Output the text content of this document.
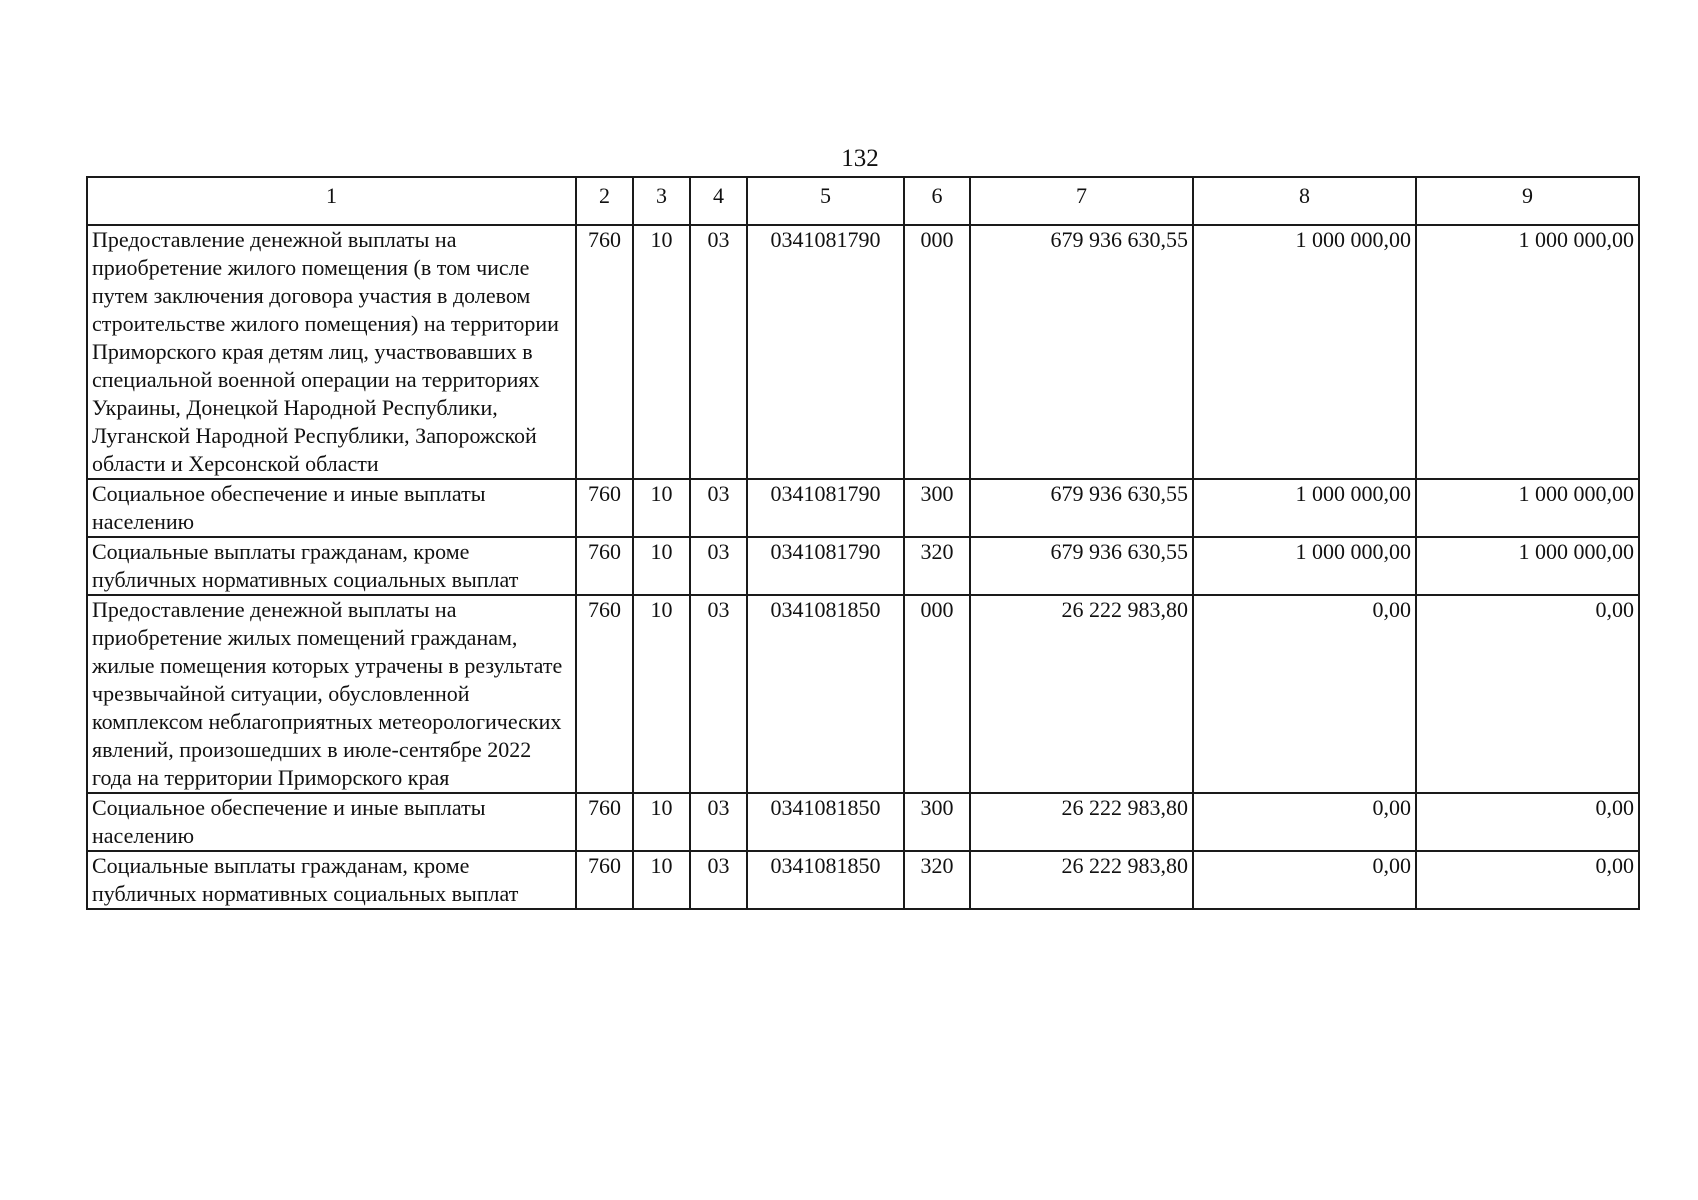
132
1	2	3	4	5	6	7	8	9
Предоставление денежной выплаты на приобретение жилого помещения (в том числе путем заключения договора участия в долевом строительстве жилого помещения) на территории Приморского края детям лиц, участвовавших в специальной военной операции на территориях Украины, Донецкой Народной Республики, Луганской Народной Республики, Запорожской области и Херсонской области	760	10	03	0341081790	000	679 936 630,55	1 000 000,00	1 000 000,00
Социальное обеспечение и иные выплаты населению	760	10	03	0341081790	300	679 936 630,55	1 000 000,00	1 000 000,00
Социальные выплаты гражданам, кроме публичных нормативных социальных выплат	760	10	03	0341081790	320	679 936 630,55	1 000 000,00	1 000 000,00
Предоставление денежной выплаты на приобретение жилых помещений гражданам, жилые помещения которых утрачены в результате чрезвычайной ситуации, обусловленной комплексом неблагоприятных метеорологических явлений, произошедших в июле-сентябре 2022 года на территории Приморского края	760	10	03	0341081850	000	26 222 983,80	0,00	0,00
Социальное обеспечение и иные выплаты населению	760	10	03	0341081850	300	26 222 983,80	0,00	0,00
Социальные выплаты гражданам, кроме публичных нормативных социальных выплат	760	10	03	0341081850	320	26 222 983,80	0,00	0,00
